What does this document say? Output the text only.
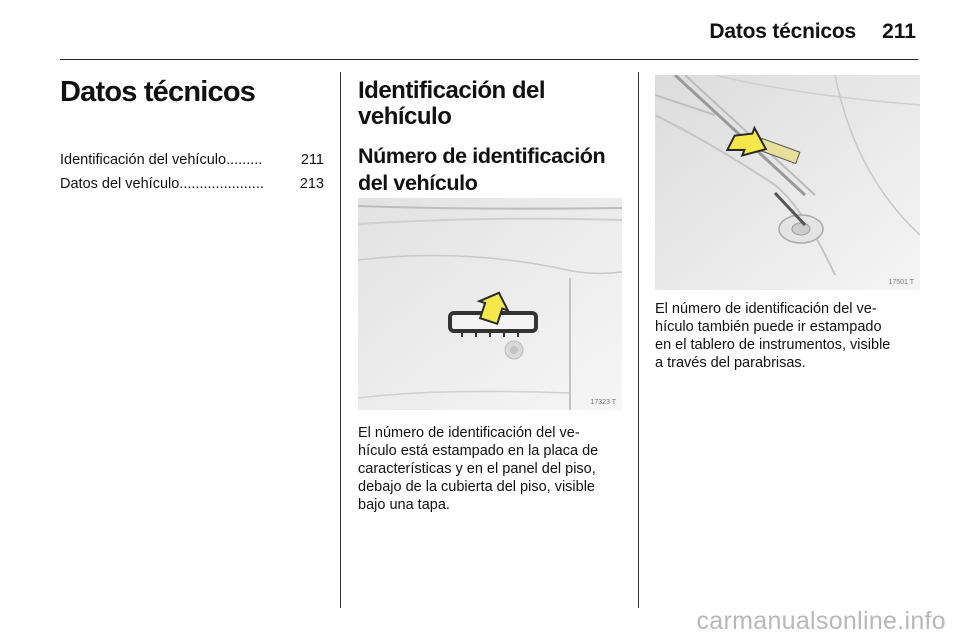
Datos técnicos 211
Datos técnicos
Identificación del vehículo .........	211
Datos del vehículo .....................	213
Identificación del
vehículo
Número de identificación
del vehículo
17323 T
El número de identificación del ve-
hículo está estampado en la placa de
características y en el panel del piso,
debajo de la cubierta del piso, visible
bajo una tapa.
17501 T
El número de identificación del ve-
hículo también puede ir estampado
en el tablero de instrumentos, visible
a través del parabrisas.
carmanualsonline.info
